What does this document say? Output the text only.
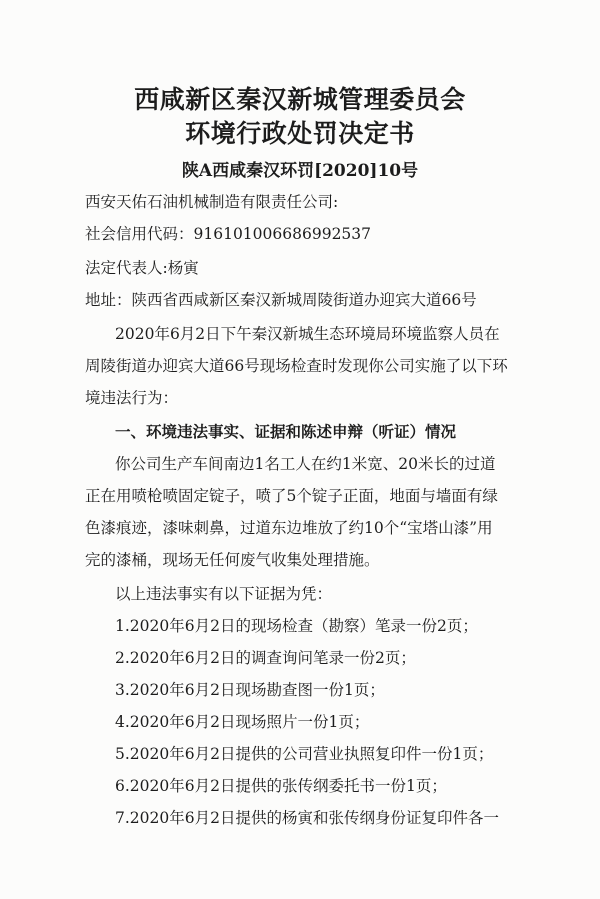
西咸新区秦汉新城管理委员会
环境行政处罚决定书
陕A西咸秦汉环罚[2020]10号
西安天佑石油机械制造有限责任公司:
社会信用代码：91610100668699253​7
法定代表人:杨寅
地址：陕西省西咸新区秦汉新城周陵街道办迎宾大道66号
2020年6月2日下午秦汉新城生态环境局环境监察人员在
周陵街道办迎宾大道66号现场检查时发现你公司实施了以下环
境违法行为：
一、环境违法事实、证据和陈述申辩（听证）情况
你公司生产车间南边1名工人在约1米宽、20米长的过道
正在用喷枪喷固定锭子，喷了5个锭子正面，地面与墙面有绿
色漆痕迹，漆味刺鼻，过道东边堆放了约10个“宝塔山漆”用
完的漆桶，现场无任何废气收集处理措施。
以上违法事实有以下证据为凭：
1.2020年6月2日的现场检查（勘察）笔录一份2页；
2.2020年6月2日的调查询问笔录一份2页；
3.2020年6月2日现场勘查图一份1页；
4.2020年6月2日现场照片一份1页；
5.2020年6月2日提供的公司营业执照复印件一份1页；
6.2020年6月2日提供的张传纲委托书一份1页；
7.2020年6月2日提供的杨寅和张传纲身份证复印件各一
